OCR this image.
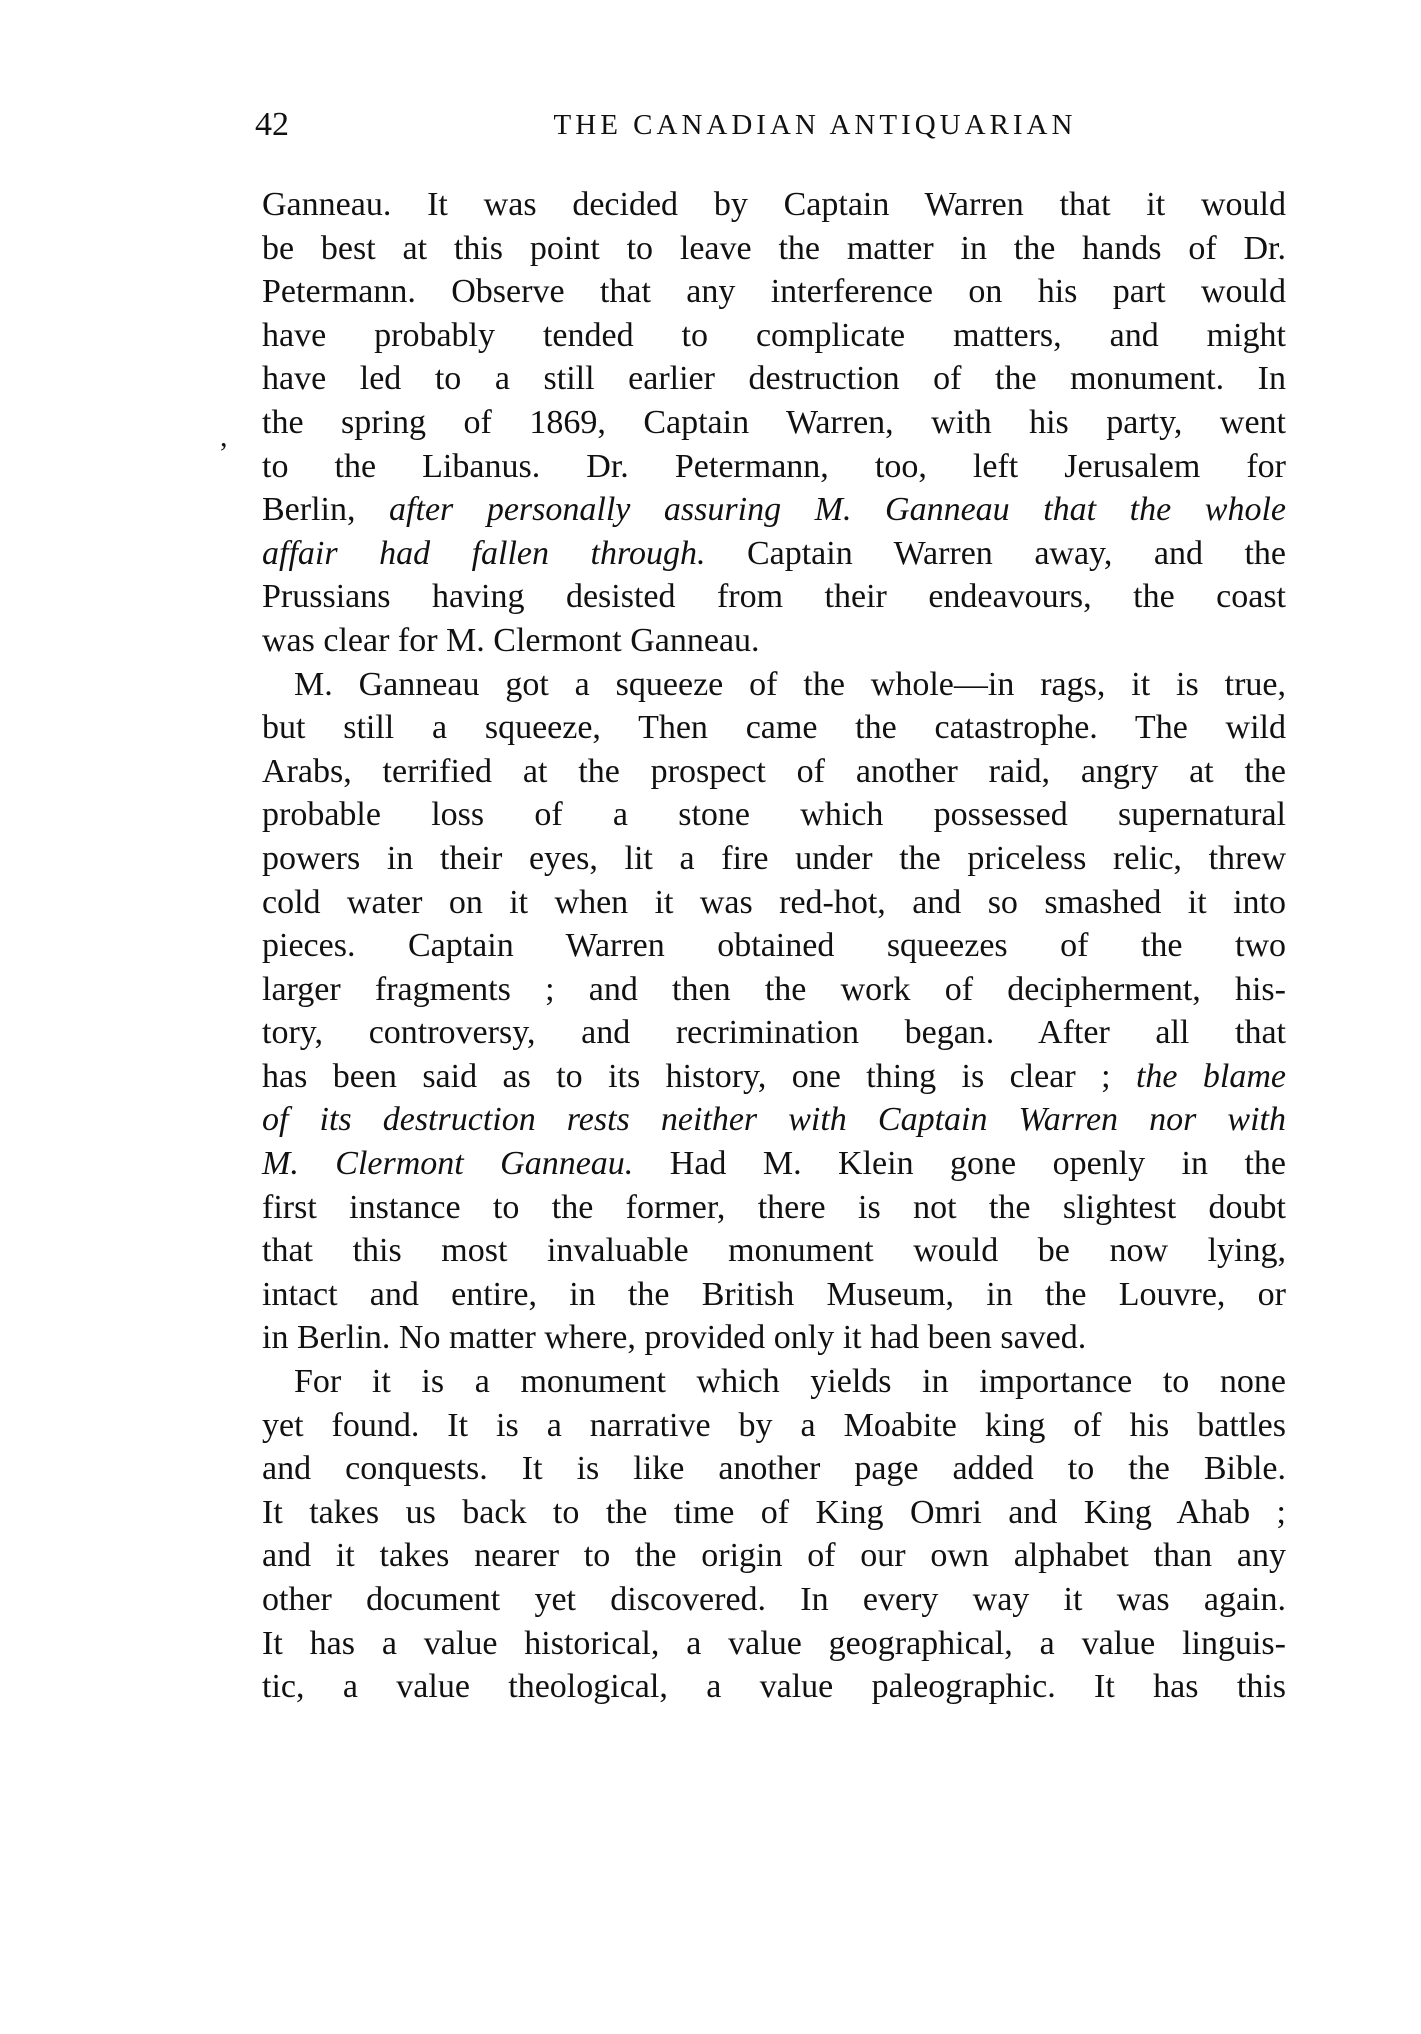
42	THE CANADIAN ANTIQUARIAN
,
Ganneau. It was decided by Captain Warren that it would
be best at this point to leave the matter in the hands of Dr.
Petermann. Observe that any interference on his part would
have probably tended to complicate matters, and might
have led to a still earlier destruction of the monument. In
the spring of 1869, Captain Warren, with his party, went
to the Libanus. Dr. Petermann, too, left Jerusalem for
Berlin, after personally assuring M. Ganneau that the whole
affair had fallen through. Captain Warren away, and the
Prussians having desisted from their endeavours, the coast
was clear for M. Clermont Ganneau.
M. Ganneau got a squeeze of the whole—in rags, it is true,
but still a squeeze, Then came the catastrophe. The wild
Arabs, terrified at the prospect of another raid, angry at the
probable loss of a stone which possessed supernatural
powers in their eyes, lit a fire under the priceless relic, threw
cold water on it when it was red-hot, and so smashed it into
pieces. Captain Warren obtained squeezes of the two
larger fragments ; and then the work of decipherment, his-
tory, controversy, and recrimination began. After all that
has been said as to its history, one thing is clear ; the blame
of its destruction rests neither with Captain Warren nor with
M. Clermont Ganneau. Had M. Klein gone openly in the
first instance to the former, there is not the slightest doubt
that this most invaluable monument would be now lying,
intact and entire, in the British Museum, in the Louvre, or
in Berlin. No matter where, provided only it had been saved.
For it is a monument which yields in importance to none
yet found. It is a narrative by a Moabite king of his battles
and conquests. It is like another page added to the Bible.
It takes us back to the time of King Omri and King Ahab ;
and it takes nearer to the origin of our own alphabet than any
other document yet discovered. In every way it was again.
It has a value historical, a value geographical, a value linguis-
tic, a value theological, a value paleographic. It has this
